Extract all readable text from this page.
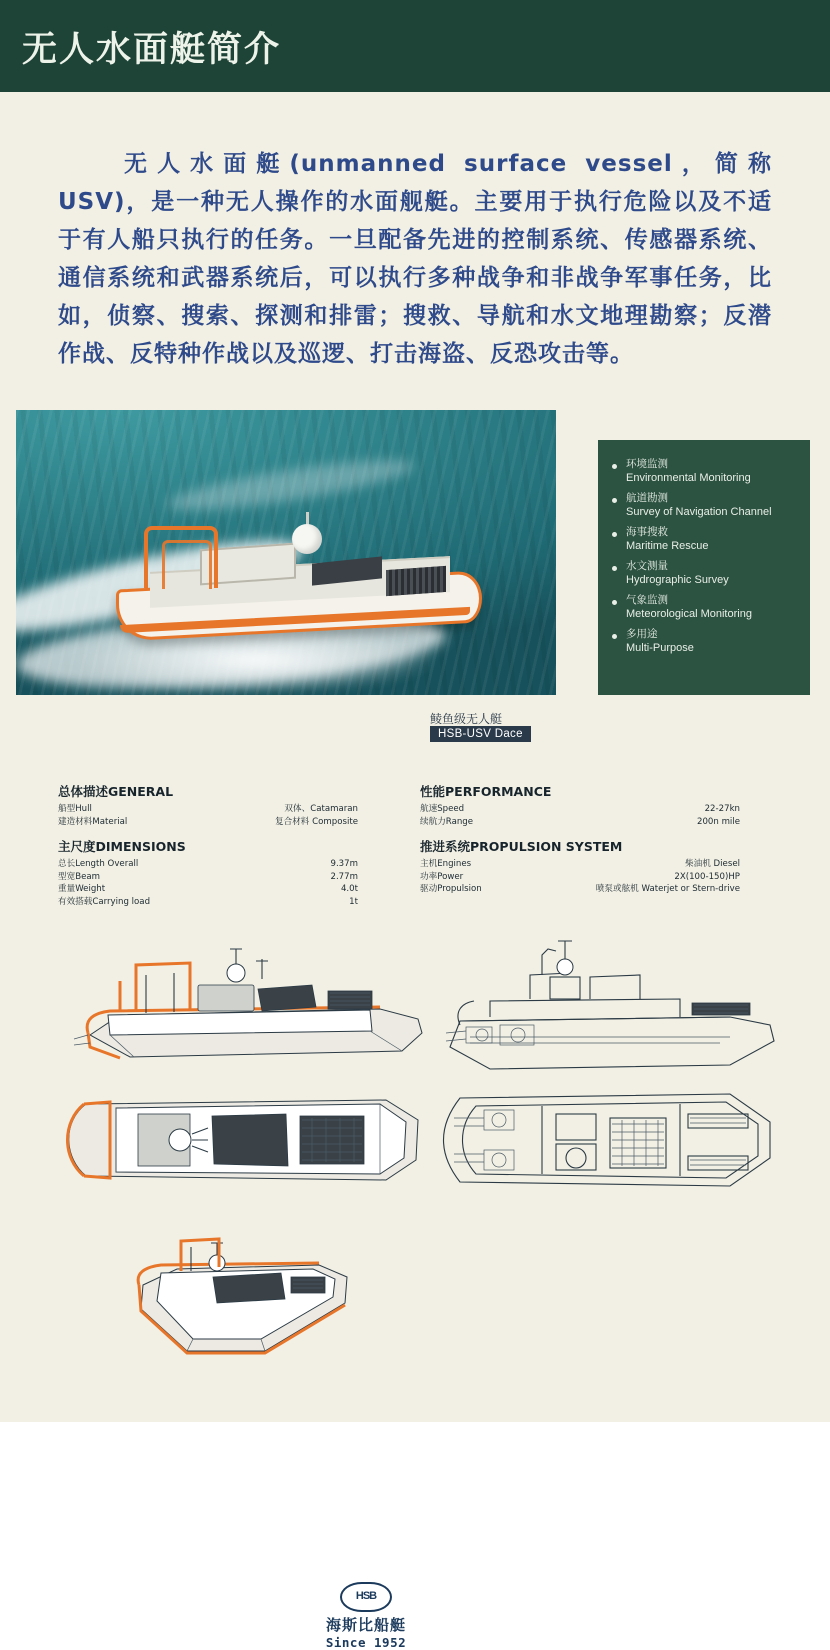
无人水面艇简介
无人水面艇(unmanned surface vessel，简称USV)，是一种无人操作的水面舰艇。主要用于执行危险以及不适于有人船只执行的任务。一旦配备先进的控制系统、传感器系统、通信系统和武器系统后，可以执行多种战争和非战争军事任务，比如，侦察、搜索、探测和排雷；搜救、导航和水文地理勘察；反潜作战、反特种作战以及巡逻、打击海盗、反恐攻击等。
环境监测
Environmental Monitoring
航道勘测
Survey of Navigation Channel
海事搜救
Maritime Rescue
水文测量
Hydrographic Survey
气象监测
Meteorological Monitoring
多用途
Multi-Purpose
鲮鱼级无人艇
HSB-USV Dace
总体描述GENERAL
船型Hull	双体、Catamaran
建造材料Material	复合材料 Composite
主尺度DIMENSIONS
总长Length Overall	9.37m
型宽Beam	2.77m
重量Weight	4.0t
有效搭载Carrying load	1t
性能PERFORMANCE
航速Speed	22-27kn
续航力Range	200n mile
推进系统PROPULSION SYSTEM
主机Engines	柴油机 Diesel
功率Power	2X(100-150)HP
驱动Propulsion	喷泵或舷机 Waterjet or Stern-drive
HSB
海斯比船艇
Since 1952
